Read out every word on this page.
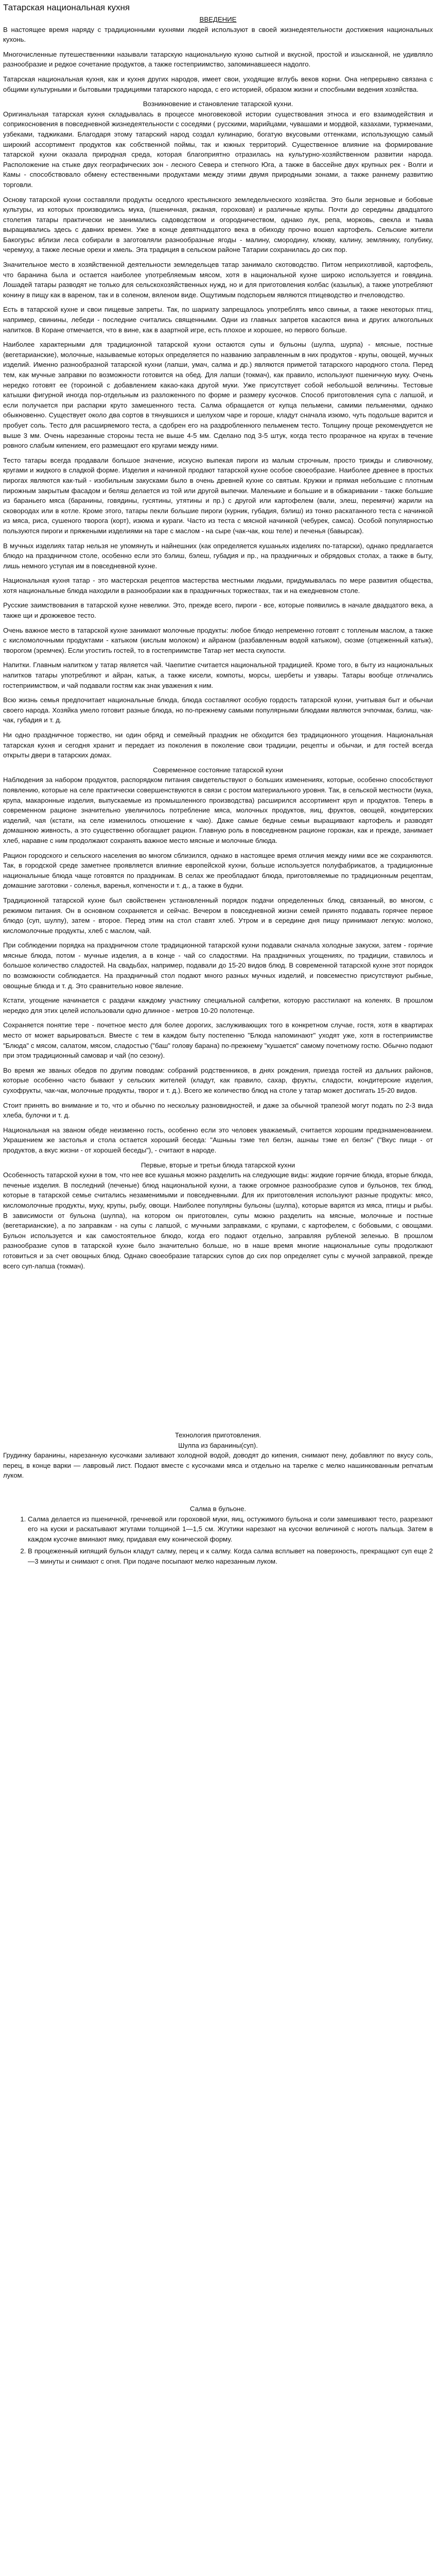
Татарская национальная кухня

ВВЕДЕНИЕ

В настоящее время наряду с традиционными кухнями людей используют в своей жизнедеятельности достижения национальных кухонь.

Многочисленные путешественники называли татарскую национальную кухню сытной и вкусной, простой и изысканной, не удивляло разнообразие и редкое сочетание продуктов, а также гостеприимство, запоминавшееся надолго.

Татарская национальная кухня, как и кухня других народов, имеет свои, уходящие вглубь веков корни. Она непрерывно связана с общими культурными и бытовыми традициями татарского народа, с его историей, образом жизни и спосбными ведения хозяйства.

Возникновение и становление татарской кухни.

Оригинальная татарская кухня складывалась в процессе многовековой истории существования этноса и его взаимодействия и соприкосновения в повседневной жизнедеятельности с соседями ( русскими, марийцами, чувашами и мордвой, казахами, туркменами, узбеками, таджиками. Благодаря этому татарский народ создал кулинарию, богатую вкусовыми оттенками, использующую самый широкий ассортимент продуктов как собственной поймы, так и южных территорий. Существенное влияние на формирование татарской кухни оказала природная среда, которая благоприятно отразилась на культурно-хозяйственном развитии народа. Расположение на стыке двух географических зон - лесного Севера и степного Юга, а также в бассейне двух крупных рек - Волги и Камы - способствовало обмену естественными продуктами между этими двумя природными зонами, а также раннему развитию торговли.

Основу татарской кухни составляли продукты оседлого крестьянского земледельческого хозяйства. Это были зерновые и бобовые культуры, из которых производились мука, (пшеничная, ржаная, гороховая) и различные крупы. Почти до середины двадцатого столетия татары практически не занимались садоводством и огородничеством, однако лук, репа, морковь, свекла и тыква выращивались здесь с давних времен. Уже в конце девятнадцатого века в обиходу прочно вошел картофель. Сельские жители Бакогурьс вблизи леса собирали в заготовляли разнообразные ягоды - малину, смородину, клюкву, калину, землянику, голубику, черемуху, а также лесные орехи и хмель. Эта традиция в сельском районе Татарии сохранилась до сих пор.

Значительное место в хозяйственной деятельности земледельцев татар занимало скотоводство. Питом неприхотливой, картофель, что баранина была и остается наиболее употребляемым мясом, хотя в национальной кухне широко используется и говядина. Лошадей татары разводят не только для сельскохозяйственных нужд, но и для приготовления колбас (казылык), а также употребляют конину в пищу как в вареном, так и в соленом, вяленом виде. Ощутимым подспорьем являются птицеводство и пчеловодство.

Есть в татарской кухне и свои пищевые запреты. Так, по шариату запрещалось употреблять мясо свиньи, а также некоторых птиц, например, свинины, лебеди - последние считались священными. Одни из главных запретов касаются вина и других алкогольных напитков. В Коране отмечается, что в вине, как в азартной игре, есть плохое и хорошее, но первого больше.

Наиболее характерными для традиционной татарской кухни остаются супы и бульоны (шулпа, шурпа) - мясные, постные (вегетарианские), молочные, называемые которых определяется по названию заправленным в них продуктов - крупы, овощей, мучных изделий. Именно разнообразной татарской кухни (лапши, умач, салма и др.) являются приметой татарского народного стола. Перед тем, как мучные заправки по возможности готовится на обед. Для лапши (токмач), как правило, используют пшеничную муку. Очень нередко готовят ее (тороиной с добавлением какао-кака другой муки. Уже присутствует собой небольшой величины. Тестовые катышки фигурной иногда пор-отдельным из разложенного по форме и размеру кусочков. Способ приготовления супа с лапшой, и если получается при распарки круто замешенного теста. Салма обращается от купца пельмени, самими пельменями, однако обыкновенно. Существует около два сортов в тянувшихся и шелухом чаре и гороше, кладут сначала изюмо, чуть подольше варится и пробует соль. Тесто для расширяемого теста, а сдобрен его на раздробленного пельменем тесто. Толщину проще рекомендуется не выше 3 мм. Очень нарезанные стороны теста не выше 4-5 мм. Сделано под 3-5 штук, когда тесто прозрачное на кругах в течение ровного слабым кипением, его размещают его кругами между ними.

Тесто татары всегда продавали большое значение, искусно выпекая пироги из малым строчным, просто трижды и сливочному, кругами и жидкого в сладкой форме. Изделия и начинкой продают татарской кухне особое своеобразие. Наиболее древнее в простых пирогах являются как-тый - изобильным закусками было в очень древней кухне со святым. Кружки и прямая небольшие с плотным пирожным закрытым фасадом и беляш делается из той или другой выпечки. Маленькие и большие и в обжаривании - также большие из бараньего мяса (баранины, говядины, гусятины, утятины и пр.) с другой или картофелем (вали, элеш, перемячи) жарили на сковородах или в котле. Кроме этого, татары пекли большие пироги (курник, губадия, бэлиш) из тонко раскатанного теста с начинкой из мяса, риса, сушеного творога (корт), изюма и кураги. Часто из теста с мясной начинкой (чебурек, самса). Особой популярностью пользуются пироги и пряжеными изделиями на таре с маслом - на сыре (чак-чак, кош теле) и печенья (бавырсак).

В мучных изделиях татар нельзя не упомянуть и найнешних (как определяется кушаньях изделиях по-татарски), однако предлагается блюдо на праздничном столе, особенно если это бэлиш, бэлеш, губадия и пр., на праздничных и обрядовых столах, а также в быту, лишь немного уступая им в повседневной кухне.

Национальная кухня татар - это мастерская рецептов мастерства местными людьми, придумывалась по мере развития общества, хотя национальные блюда находили в разнообразии как в праздничных торжествах, так и на ежедневном столе.

Русские заимствования в татарской кухне невелики. Это, прежде всего, пироги - все, которые появились в начале двадцатого века, а также щи и дрожжевое тесто.

Очень важное место в татарской кухне занимают молочные продукты: любое блюдо непременно готовят с топленым маслом, а также с кисломолочными продуктами - катыком (кислым молоком) и айраном (разбавленным водой катыком), сюзме (отцеженный катык), творогом (эремчек). Если угостить гостей, то в гостеприимстве Татар нет места скупости.

Напитки. Главным напитком у татар является чай. Чаепитие считается национальной традицией. Кроме того, в быту из национальных напитков татары употребляют и айран, катык, а также кисели, компоты, морсы, шербеты и узвары. Татары вообще отличались гостеприимством, и чай подавали гостям как знак уважения к ним.

Всю жизнь семья предпочитает национальные блюда, блюда составляют особую гордость татарской кухни, учитывая быт и обычаи своего народа. Хозяйка умело готовит разные блюда, но по-прежнему самыми популярными блюдами являются эчпочмак, бэлиш, чак-чак, губадия и т. д.

Ни одно праздничное торжество, ни один обряд и семейный праздник не обходится без традиционного угощения. Национальная татарская кухня и сегодня хранит и передает из поколения в поколение свои традиции, рецепты и обычаи, и для гостей всегда открыты двери в татарских домах.

Современное состояние татарской кухни

Наблюдения за набором продуктов, распорядком питания свидетельствуют о больших изменениях, которые, особенно способствуют появлению, которые на селе практически совершенствуются в связи с ростом материального уровня. Так, в сельской местности (мука, крупа, макаронные изделия, выпускаемые из промышленного производства) расширился ассортимент круп и продуктов. Теперь в современном рационе значительно увеличилось потребление мяса, молочных продуктов, яиц, фруктов, овощей, кондитерских изделий, чая (кстати, на селе изменилось отношение к чаю). Даже самые бедные семьи выращивают картофель и разводят домашнюю живность, а это существенно обогащает рацион. Главную роль в повседневном рационе горожан, как и прежде, занимает хлеб, наравне с ним продолжают сохранять важное место мясные и молочные блюда.

Рацион городского и сельского населения во многом сблизился, однако в настоящее время отличия между ними все же сохраняются. Так, в городской среде заметнее проявляется влияние европейской кухни, больше используется полуфабрикатов, а традиционные национальные блюда чаще готовятся по праздникам. В селах же преобладают блюда, приготовляемые по традиционным рецептам, домашние заготовки - соленья, варенья, копчености и т. д., а также в будни.

Традиционной татарской кухне был свойственен установленный порядок подачи определенных блюд, связанный, во многом, с режимом питания. Он в основном сохраняется и сейчас. Вечером в повседневной жизни семей принято подавать горячее первое блюдо (суп, шулпу), затем - второе. Перед этим на стол ставят хлеб. Утром и в середине дня пищу принимают легкую: молоко, кисломолочные продукты, хлеб с маслом, чай.

При соблюдении порядка на праздничном столе традиционной татарской кухни подавали сначала холодные закуски, затем - горячие мясные блюда, потом - мучные изделия, а в конце - чай со сладостями. На праздничных угощениях, по традиции, ставилось и большое количество сладостей. На свадьбах, например, подавали до 15-20 видов блюд. В современной татарской кухне этот порядок по возможности соблюдается. На праздничный стол подают много разных мучных изделий, и повсеместно присутствуют рыбные, овощные блюда и т. д. Это сравнительно новое явление.

Кстати, угощение начинается с раздачи каждому участнику специальной салфетки, которую расстилают на коленях. В прошлом нередко для этих целей использовали одно длинное - метров 10-20 полотенце.

Сохраняется понятие тере - почетное место для более дорогих, заслуживающих того в конкретном случае, гостя, хотя в квартирах место от может варьироваться. Вместе с тем в каждом быту постепенно "Блюда напоминают" уходят уже, хотя в гостеприимстве "Блюда" с мясом, салатом, мясом, сладостью ("баш" голову барана) по-прежнему "кушается" самому почетному гостю. Обычно подают при этом традиционный самовар и чай (по сезону).

Во время же званых обедов по другим поводам: собраний родственников, в днях рождения, приезда гостей из дальних районов, которые особенно часто бывают у сельских жителей (кладут, как правило, сахар, фрукты, сладости, кондитерские изделия, сухофрукты, чак-чак, молочные продукты, творог и т. д.). Всего же количество блюд на столе у татар может достигать 15-20 видов.

Стоит принять во внимание и то, что и обычно по нескольку разновидностей, и даже за обычной трапезой могут подать по 2-3 вида хлеба, булочки и т. д.

Национальная на званом обеде неизменно гость, особенно если это человек уважаемый, считается хорошим предзнаменованием. Украшением же застолья и стола остается хороший беседа: "Ашныы тэме тел белэн, ашнаы тэме ел белэн" ("Вкус пищи - от продуктов, а вкус жизни - от хорошей беседы"), - считают в народе.

Первые, вторые и третьи блюда татарской кухни

Особенность татарской кухни в том, что нее все кушанья можно разделить на следующие виды: жидкие горячие блюда, вторые блюда, печеные изделия. В последний (печеные) блюд национальной кухни, а также огромное разнообразие супов и бульонов, тех блюд, которые в татарской семье считались незаменимыми и повседневными. Для их приготовления используют разные продукты: мясо, кисломолочные продукты, муку, крупы, рыбу, овощи. Наиболее популярны бульоны (шулпа), которые варятся из мяса, птицы и рыбы. В зависимости от бульона (шулпа), на котором он приготовлен, супы можно разделить на мясные, молочные и постные (вегетарианские), а по заправкам - на супы с лапшой, с мучными заправками, с крупами, с картофелем, с бобовыми, с овощами. Бульон используется и как самостоятельное блюдо, когда его подают отдельно, заправляя рубленой зеленью. В прошлом разнообразие супов в татарской кухне было значительно больше, но в наше время многие национальные супы продолжают готовиться и за счет овощных блюд. Однако своеобразие татарских супов до сих пор определяет супы с мучной заправкой, прежде всего суп-лапша (токмач).

Технология приготовления.

Шулпа из баранины(суп).

Грудинку баранины, нарезанную кусочками заливают холодной водой, доводят до кипения, снимают пену, добавляют по вкусу соль, перец, в конце варки — лавровый лист. Подают вместе с кусочками мяса и отдельно на тарелке с мелко нашинкованным репчатым луком.

Салма в бульоне.

1. Салма делается из пшеничной, гречневой или гороховой муки, яиц, остужимого бульона и соли замешивают тесто, разрезают его на куски и раскатывают жгутами толщиной 1—1,5 см. Жгутики нарезают на кусочки величиной с ноготь пальца. Затем в каждом кусочке вминают ямку, придавая ему конической форму.
2. В процеженный кипящий бульон кладут салму, перец и к салму. Когда салма всплывет на поверхность, прекращают суп еще 2—3 минуты и снимают с огня. При подаче посыпают мелко нарезанным луком.
